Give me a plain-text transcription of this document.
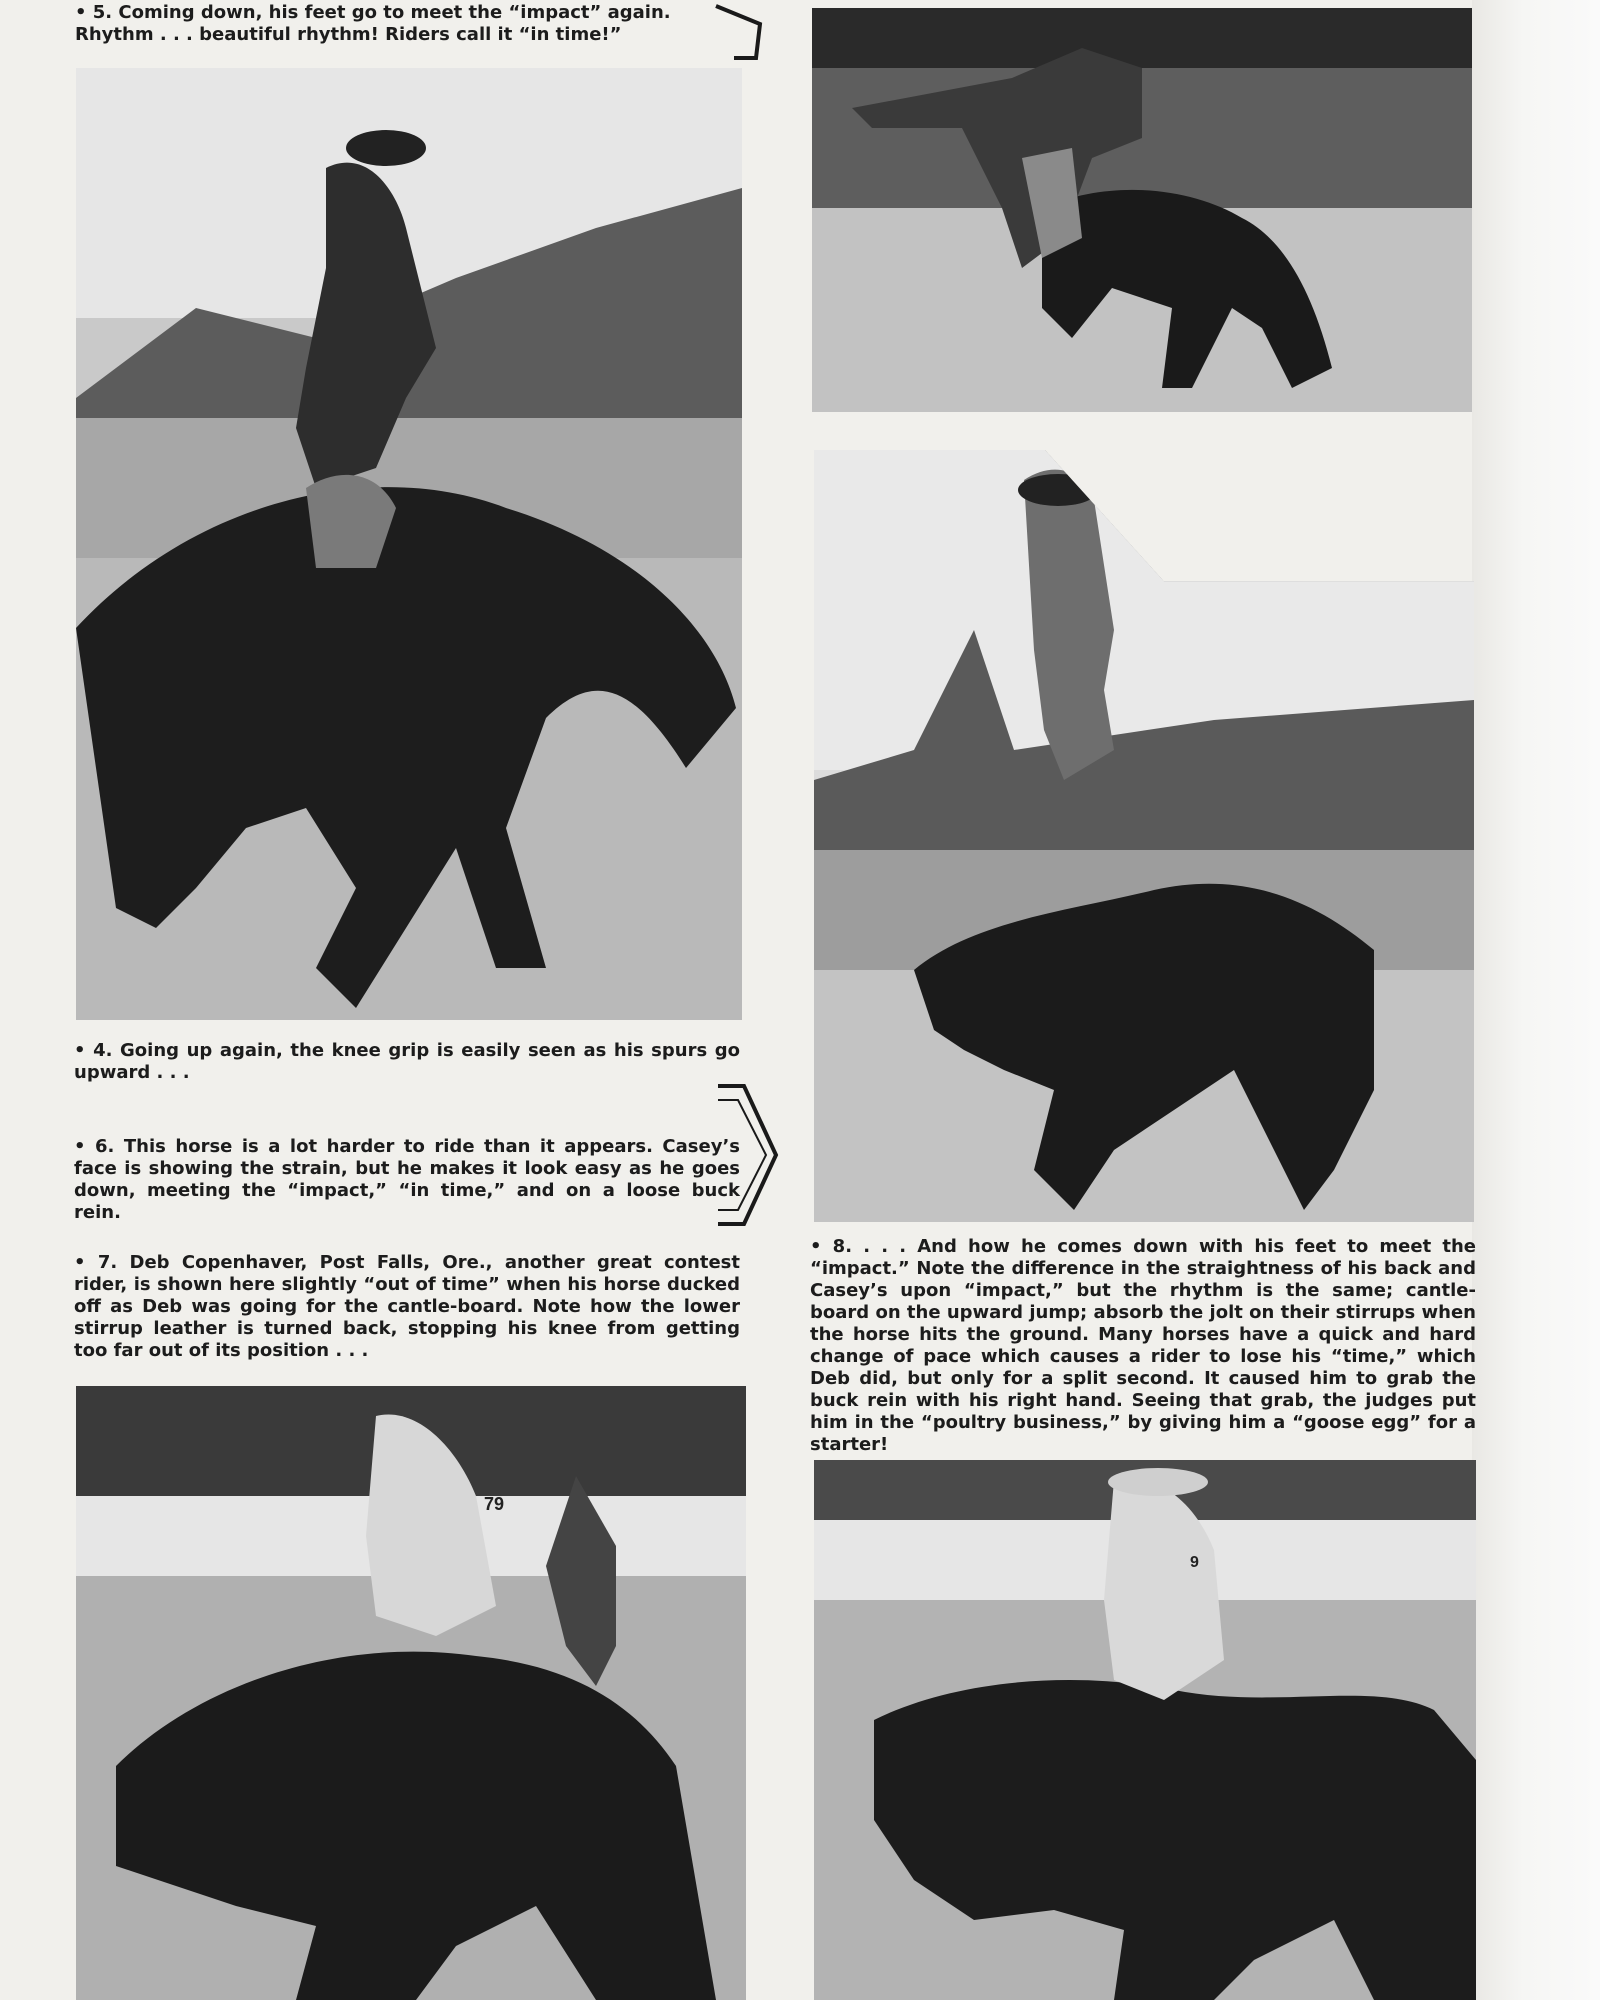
• 5. Coming down, his feet go to meet the “impact” again. Rhythm . . . beautiful rhythm! Riders call it “in time!”

• 4. Going up again, the knee grip is easily seen as his spurs go upward . . .

• 6. This horse is a lot harder to ride than it appears. Casey’s face is showing the strain, but he makes it look easy as he goes down, meeting the “impact,” “in time,” and on a loose buck rein.

• 7. Deb Copenhaver, Post Falls, Ore., another great contest rider, is shown here slightly “out of time” when his horse ducked off as Deb was going for the cantle-board. Note how the lower stirrup leather is turned back, stopping his knee from getting too far out of its position . . .

• 8. . . . And how he comes down with his feet to meet the “impact.” Note the difference in the straightness of his back and Casey’s upon “impact,” but the rhythm is the same; cantle-board on the upward jump; absorb the jolt on their stirrups when the horse hits the ground. Many horses have a quick and hard change of pace which causes a rider to lose his “time,” which Deb did, but only for a split second. It caused him to grab the buck rein with his right hand. Seeing that grab, the judges put him in the “poultry business,” by giving him a “goose egg” for a starter!

79
9
